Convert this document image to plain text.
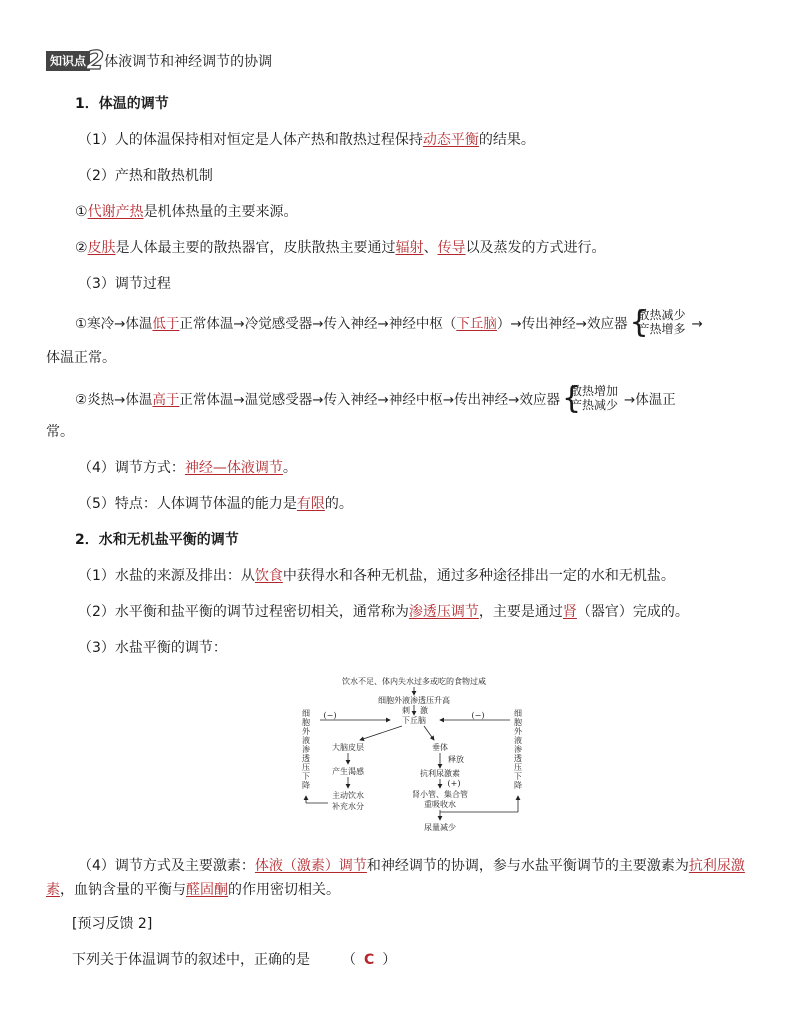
知识点2体液调节和神经调节的协调
1．体温的调节
（1）人的体温保持相对恒定是人体产热和散热过程保持动态平衡的结果。
（2）产热和散热机制
①代谢产热是机体热量的主要来源。
②皮肤是人体最主要的散热器官，皮肤散热主要通过辐射、传导以及蒸发的方式进行。
（3）调节过程
①寒冷→体温低于正常体温→冷觉感受器→传入神经→神经中枢（下丘脑）→传出神经→效应器 {
散热减少
产热增多 →
体温正常。
②炎热→体温高于正常体温→温觉感受器→传入神经→神经中枢→传出神经→效应器 {
散热增加
产热减少 →体温正
常。
（4）调节方式：神经—体液调节。
（5）特点：人体调节体温的能力是有限的。
2．水和无机盐平衡的调节
（1）水盐的来源及排出：从饮食中获得水和各种无机盐，通过多种途径排出一定的水和无机盐。
（2）水平衡和盐平衡的调节过程密切相关，通常称为渗透压调节，主要是通过肾（器官）完成的。
（3）水盐平衡的调节：
饮水不足、体内失水过多或吃的食物过咸
细胞外液渗透压升高
刺 激
下丘脑
(−)	(−)
大脑皮层
产生渴感
主动饮水
补充水分
垂体
释放
抗利尿激素
(+)
肾小管、集合管
重吸收水
尿量减少
细
胞
外
液
渗
透
压
下
降
细
胞
外
液
渗
透
压
下
降
（4）调节方式及主要激素：体液（激素）调节和神经调节的协调，参与水盐平衡调节的主要激素为抗利尿激
素，血钠含量的平衡与醛固酮的作用密切相关。
[预习反馈 2]
下列关于体温调节的叙述中，正确的是 （ C ）
